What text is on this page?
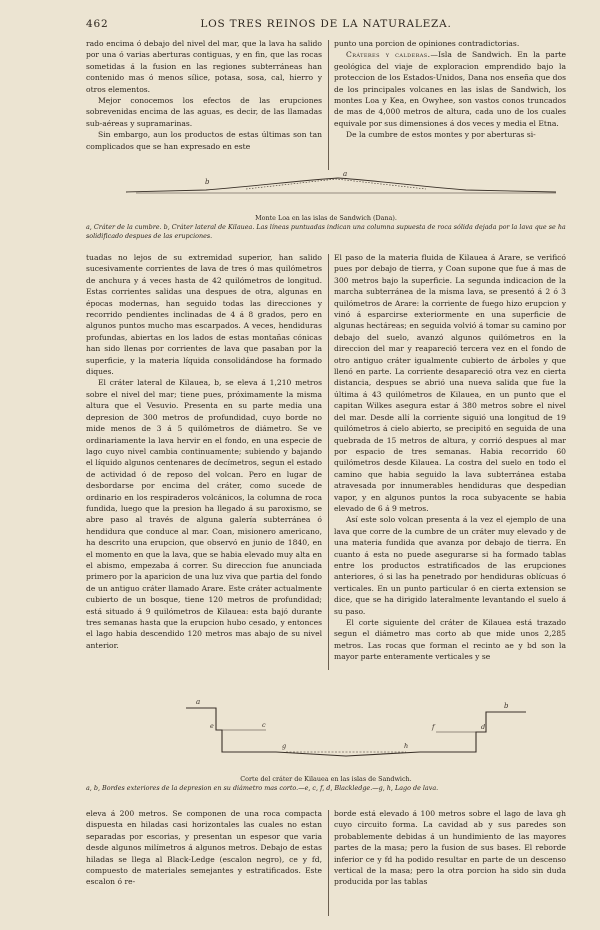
462	LOS TRES REINOS DE LA NATURALEZA.

rado encima ó debajo del nivel del mar, que la lava ha salido por una ó varias aberturas contiguas, y en fin, que las rocas sometidas á la fusion en las regiones subterráneas han contenido mas ó menos sílice, potasa, sosa, cal, hierro y otros elementos.

Mejor conocemos los efectos de las erupciones sobrevenidas encima de las aguas, es decir, de las llamadas sub-aéreas y supramarinas.

Sin embargo, aun los productos de estas últimas son tan complicados que se han expresado en este

punto una porcion de opiniones contradictorias.

Cráteres y calderas.—Isla de Sandwich. En la parte geológica del viaje de exploracion emprendido bajo la proteccion de los Estados-Unidos, Dana nos enseña que dos de los principales volcanes en las islas de Sandwich, los montes Loa y Kea, en Owyhee, son vastos conos truncados de mas de 4,000 metros de altura, cada uno de los cuales equivale por sus dimensiones á dos veces y media el Etna.

De la cumbre de estos montes y por aberturas si-

b
a
Monte Loa en las islas de Sandwich (Dana).
a, Cráter de la cumbre. b, Cráter lateral de Kilauea. Las líneas puntuadas indican una columna supuesta de roca sólida dejada por la lava que se ha solidificado despues de las erupciones.

tuadas no lejos de su extremidad superior, han salido sucesivamente corrientes de lava de tres ó mas quilómetros de anchura y á veces hasta de 42 quilómetros de longitud. Estas corrientes salidas una despues de otra, algunas en épocas modernas, han seguido todas las direcciones y recorrido pendientes inclinadas de 4 á 8 grados, pero en algunos puntos mucho mas escarpados. A veces, hendiduras profundas, abiertas en los lados de estas montañas cónicas han sido llenas por corrientes de lava que pasaban por la superficie, y la materia líquida consolidándose ha formado diques.

El cráter lateral de Kilauea, b, se eleva á 1,210 metros sobre el nivel del mar; tiene pues, próximamente la misma altura que el Vesuvio. Presenta en su parte media una depresion de 300 metros de profundidad, cuyo borde no mide menos de 3 á 5 quilómetros de diámetro. Se ve ordinariamente la lava hervir en el fondo, en una especie de lago cuyo nivel cambia continuamente; subiendo y bajando el líquido algunos centenares de decímetros, segun el estado de actividad ó de reposo del volcan. Pero en lugar de desbordarse por encima del cráter, como sucede de ordinario en los respiraderos volcánicos, la columna de roca fundida, luego que la presion ha llegado á su paroxismo, se abre paso al través de alguna galería subterránea ó hendidura que conduce al mar. Coan, misionero americano, ha descrito una erupcion, que observó en junio de 1840, en el momento en que la lava, que se habia elevado muy alta en el abismo, empezaba á correr. Su direccion fue anunciada primero por la aparicion de una luz viva que partia del fondo de un antiguo cráter llamado Arare. Este cráter actualmente cubierto de un bosque, tiene 120 metros de profundidad; está situado á 9 quilómetros de Kilauea: esta bajó durante tres semanas hasta que la erupcion hubo cesado, y entonces el lago habia descendido 120 metros mas abajo de su nivel anterior.

El paso de la materia fluida de Kilauea á Arare, se verificó pues por debajo de tierra, y Coan supone que fue á mas de 300 metros bajo la superficie. La segunda indicacion de la marcha subterránea de la misma lava, se presentó á 2 ó 3 quilómetros de Arare: la corriente de fuego hizo erupcion y vinó á esparcirse exteriormente en una superficie de algunas hectáreas; en seguida volvió á tomar su camino por debajo del suelo, avanzó algunos quilómetros en la direccion del mar y reapareció tercera vez en el fondo de otro antiguo cráter igualmente cubierto de árboles y que llenó en parte. La corriente desapareció otra vez en cierta distancia, despues se abrió una nueva salida que fue la última á 43 quilómetros de Kilauea, en un punto que el capitan Wilkes asegura estar á 380 metros sobre el nivel del mar. Desde allí la corriente siguió una longitud de 19 quilómetros á cielo abierto, se precipitó en seguida de una quebrada de 15 metros de altura, y corrió despues al mar por espacio de tres semanas. Habia recorrido 60 quilómetros desde Kilauea. La costra del suelo en todo el camino que habia seguido la lava subterránea estaba atravesada por innumerables hendiduras que despedian vapor, y en algunos puntos la roca subyacente se habia elevado de 6 á 9 metros.

Así este solo volcan presenta á la vez el ejemplo de una lava que corre de la cumbre de un cráter muy elevado y de una materia fundida que avanza por debajo de tierra. En cuanto á esta no puede asegurarse si ha formado tablas entre los productos estratificados de las erupciones anteriores, ó si las ha penetrado por hendiduras oblícuas ó verticales. En un punto particular ó en cierta extension se dice, que se ha dirigido lateralmente levantando el suelo á su paso.

El corte siguiente del cráter de Kilauea está trazado segun el diámetro mas corto ab que mide unos 2,285 metros. Las rocas que forman el recinto ae y bd son la mayor parte enteramente verticales y se

a	b
e	c	f	d
g	h
Corte del cráter de Kilauea en las islas de Sandwich.
a, b, Bordes exteriores de la depresion en su diámetro mas corto.—e, c, f, d, Blackledge.—g, h, Lago de lava.

eleva á 200 metros. Se componen de una roca compacta dispuesta en hiladas casi horizontales las cuales no estan separadas por escorias, y presentan un espesor que varia desde algunos milímetros á algunos metros. Debajo de estas hiladas se llega al Black-Ledge (escalon negro), ce y fd, compuesto de materiales semejantes y estratificados. Este escalon ó re-

borde está elevado á 100 metros sobre el lago de lava gh cuyo circuito forma. La cavidad ab y sus paredes son probablemente debidas á un hundimiento de las mayores partes de la masa; pero la fusion de sus bases. El reborde inferior ce y fd ha podido resultar en parte de un descenso vertical de la masa; pero la otra porcion ha sido sin duda producida por las tablas
